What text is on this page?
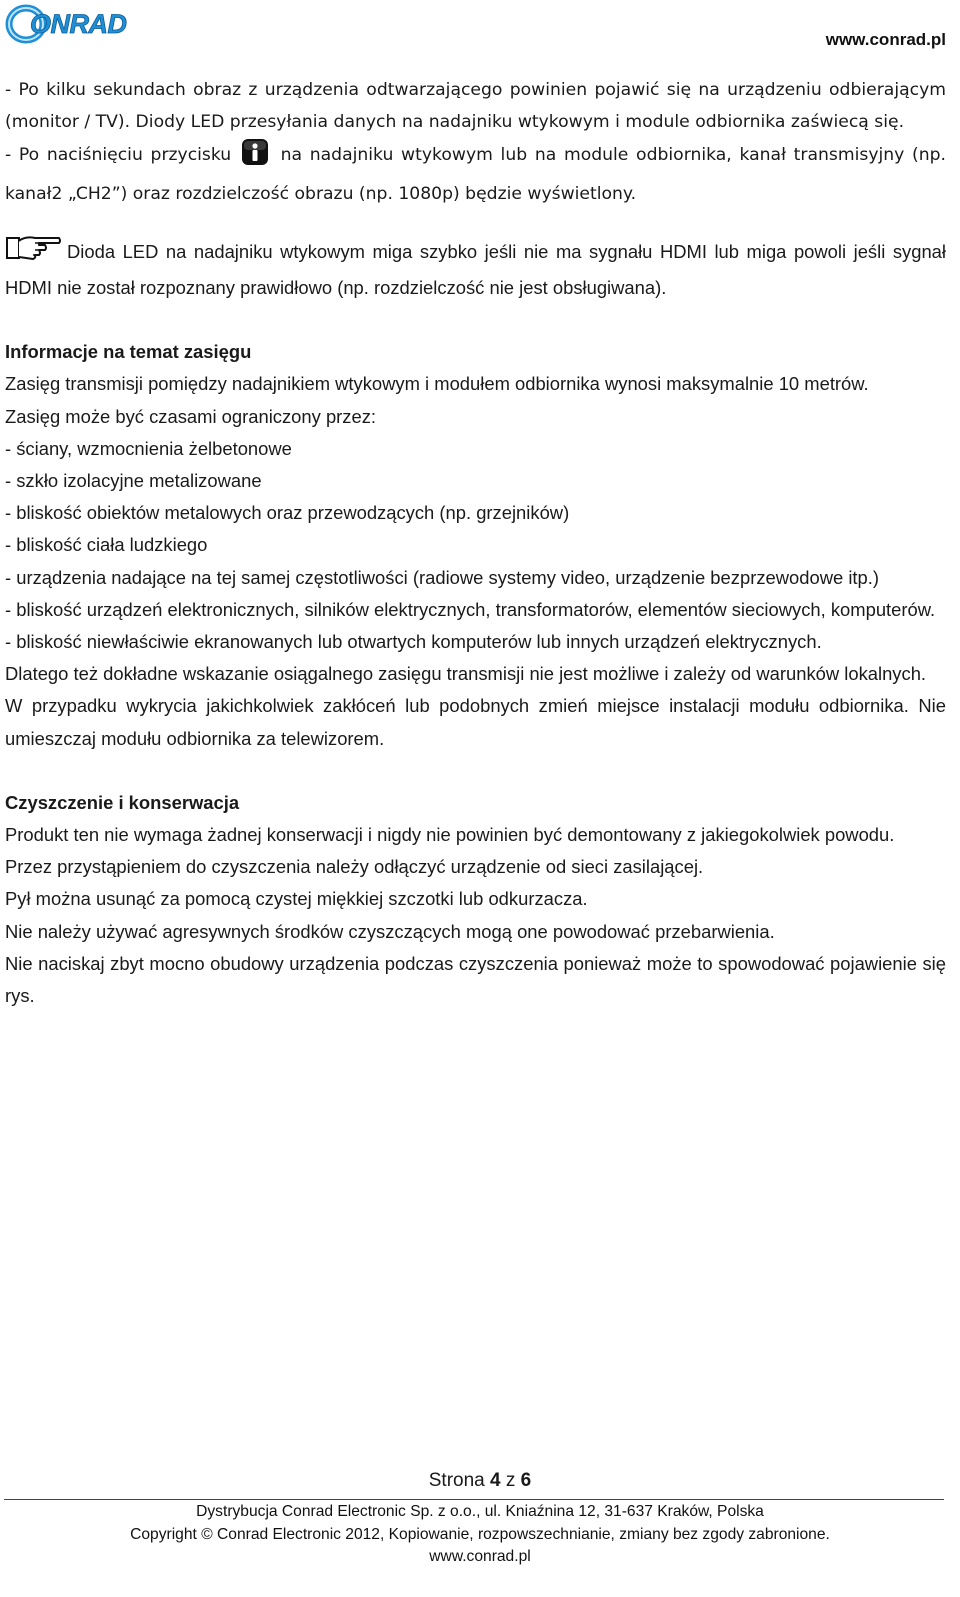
ONRAD
www.conrad.pl

- Po kilku sekundach obraz z urządzenia odtwarzającego powinien pojawić się na urządzeniu odbierającym (monitor / TV). Diody LED przesyłania danych na nadajniku wtykowym i module odbiornika zaświecą się.

- Po naciśnięciu przycisku	na nadajniku wtykowym lub na module odbiornika, kanał transmisyjny (np. kanał2 „CH2”) oraz rozdzielczość obrazu (np. 1080p) będzie wyświetlony.

Dioda LED na nadajniku wtykowym miga szybko jeśli nie ma sygnału HDMI lub miga powoli jeśli sygnał HDMI nie został rozpoznany prawidłowo (np. rozdzielczość nie jest obsługiwana).

Informacje na temat zasięgu

Zasięg transmisji pomiędzy nadajnikiem wtykowym i modułem odbiornika wynosi maksymalnie 10 metrów.

Zasięg może być czasami ograniczony przez:

- ściany, wzmocnienia żelbetonowe

- szkło izolacyjne metalizowane

- bliskość obiektów metalowych oraz przewodzących (np. grzejników)

- bliskość ciała ludzkiego

- urządzenia nadające na tej samej częstotliwości (radiowe systemy video, urządzenie bezprzewodowe itp.)

- bliskość urządzeń elektronicznych, silników elektrycznych, transformatorów, elementów sieciowych, komputerów.

- bliskość niewłaściwie ekranowanych lub otwartych komputerów lub innych urządzeń elektrycznych.

Dlatego też dokładne wskazanie osiągalnego zasięgu transmisji nie jest możliwe i zależy od warunków lokalnych.

W przypadku wykrycia jakichkolwiek zakłóceń lub podobnych zmień miejsce instalacji modułu odbiornika. Nie umieszczaj modułu odbiornika za telewizorem.

Czyszczenie i konserwacja

Produkt ten nie wymaga żadnej konserwacji i nigdy nie powinien być demontowany z jakiegokolwiek powodu.

Przez przystąpieniem do czyszczenia należy odłączyć urządzenie od sieci zasilającej.

Pył można usunąć za pomocą czystej miękkiej szczotki lub odkurzacza.

Nie należy używać agresywnych środków czyszczących mogą one powodować przebarwienia.

Nie naciskaj zbyt mocno obudowy urządzenia podczas czyszczenia ponieważ może to spowodować pojawienie się rys.

Strona 4 z 6
Dystrybucja Conrad Electronic Sp. z o.o., ul. Kniaźnina 12, 31-637 Kraków, Polska
Copyright © Conrad Electronic 2012, Kopiowanie, rozpowszechnianie, zmiany bez zgody zabronione.
www.conrad.pl
